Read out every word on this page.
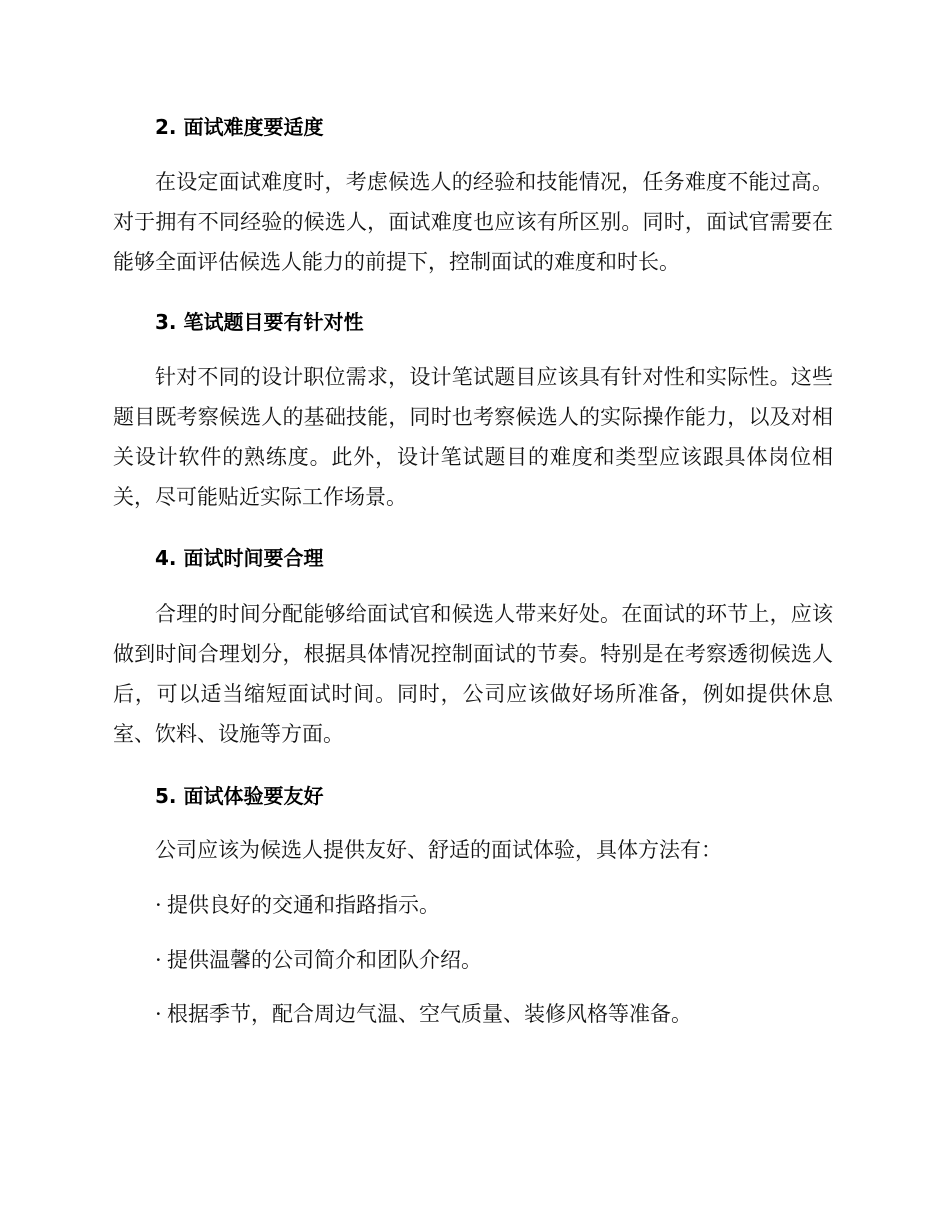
2. 面试难度要适度

在设定面试难度时，考虑候选人的经验和技能情况，任务难度不能过高。对于拥有不同经验的候选人，面试难度也应该有所区别。同时，面试官需要在能够全面评估候选人能力的前提下，控制面试的难度和时长。

3. 笔试题目要有针对性

针对不同的设计职位需求，设计笔试题目应该具有针对性和实际性。这些题目既考察候选人的基础技能，同时也考察候选人的实际操作能力，以及对相关设计软件的熟练度。此外，设计笔试题目的难度和类型应该跟具体岗位相关，尽可能贴近实际工作场景。

4. 面试时间要合理

合理的时间分配能够给面试官和候选人带来好处。在面试的环节上，应该做到时间合理划分，根据具体情况控制面试的节奏。特别是在考察透彻候选人后，可以适当缩短面试时间。同时，公司应该做好场所准备，例如提供休息室、饮料、设施等方面。

5. 面试体验要友好

公司应该为候选人提供友好、舒适的面试体验，具体方法有：

· 提供良好的交通和指路指示。
· 提供温馨的公司简介和团队介绍。
· 根据季节，配合周边气温、空气质量、装修风格等准备。
